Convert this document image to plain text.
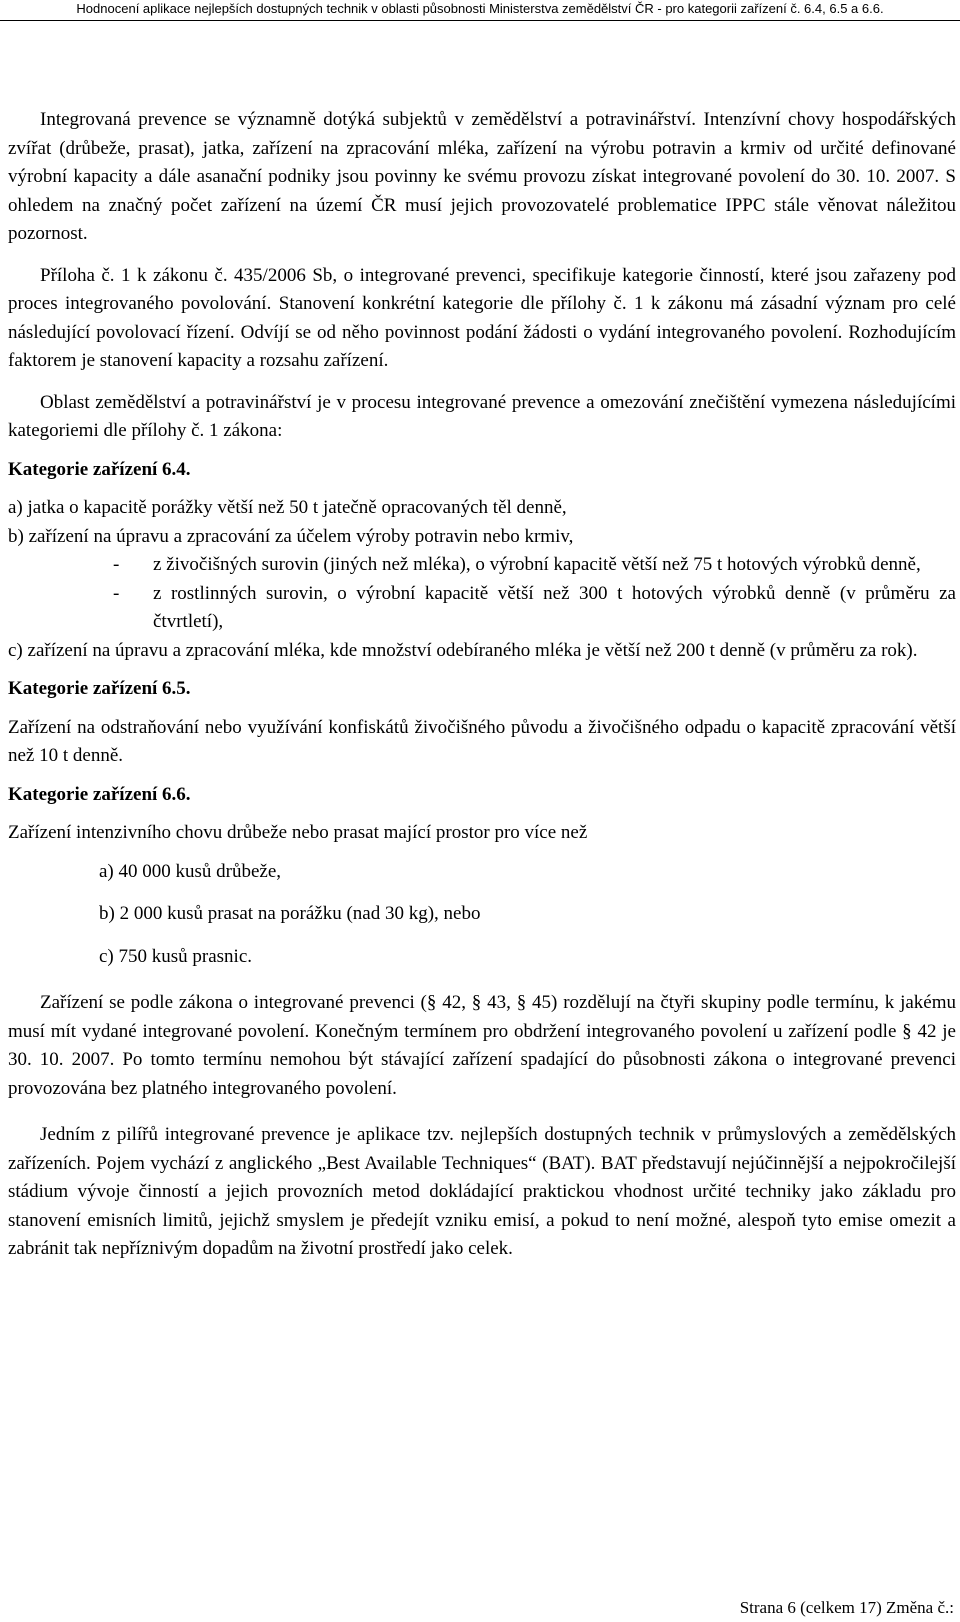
Hodnocení aplikace nejlepších dostupných technik v oblasti působnosti Ministerstva zemědělství ČR - pro kategorii zařízení č. 6.4, 6.5 a 6.6.

Integrovaná prevence se významně dotýká subjektů v zemědělství a potravinářství. Intenzívní chovy hospodářských zvířat (drůbeže, prasat), jatka, zařízení na zpracování mléka, zařízení na výrobu potravin a krmiv od určité definované výrobní kapacity a dále asanační podniky jsou povinny ke svému provozu získat integrované povolení do 30. 10. 2007. S ohledem na značný počet zařízení na území ČR musí jejich provozovatelé problematice IPPC stále věnovat náležitou pozornost.

Příloha č. 1 k zákonu č. 435/2006 Sb, o integrované prevenci, specifikuje kategorie činností, které jsou zařazeny pod proces integrovaného povolování. Stanovení konkrétní kategorie dle přílohy č. 1 k zákonu má zásadní význam pro celé následující povolovací řízení. Odvíjí se od něho povinnost podání žádosti o vydání integrovaného povolení. Rozhodujícím faktorem je stanovení kapacity a rozsahu zařízení.

Oblast zemědělství a potravinářství je v procesu integrované prevence a omezování znečištění vymezena následujícími kategoriemi dle přílohy č. 1 zákona:

Kategorie zařízení 6.4.

a) jatka o kapacitě porážky větší než 50 t jatečně opracovaných těl denně,

b) zařízení na úpravu a zpracování za účelem výroby potravin nebo krmiv,

-	z živočišných surovin (jiných než mléka), o výrobní kapacitě větší než 75 t hotových výrobků denně,
-	z rostlinných surovin, o výrobní kapacitě větší než 300 t hotových výrobků denně (v průměru za čtvrtletí),

c) zařízení na úpravu a zpracování mléka, kde množství odebíraného mléka je větší než 200 t denně (v průměru za rok).

Kategorie zařízení 6.5.

Zařízení na odstraňování nebo využívání konfiskátů živočišného původu a živočišného odpadu o kapacitě zpracování větší než 10 t denně.

Kategorie zařízení 6.6.

Zařízení intenzivního chovu drůbeže nebo prasat mající prostor pro více než

a) 40 000 kusů drůbeže,

b) 2 000 kusů prasat na porážku (nad 30 kg), nebo

c) 750 kusů prasnic.

Zařízení se podle zákona o integrované prevenci (§ 42, § 43, § 45) rozdělují na čtyři skupiny podle termínu, k jakému musí mít vydané integrované povolení. Konečným termínem pro obdržení integrovaného povolení u zařízení podle § 42 je 30. 10. 2007. Po tomto termínu nemohou být stávající zařízení spadající do působnosti zákona o integrované prevenci provozována bez platného integrovaného povolení.

Jedním z pilířů integrované prevence je aplikace tzv. nejlepších dostupných technik v průmyslových a zemědělských zařízeních. Pojem vychází z anglického „Best Available Techniques“ (BAT). BAT představují nejúčinnější a nejpokročilejší stádium vývoje činností a jejich provozních metod dokládající praktickou vhodnost určité techniky jako základu pro stanovení emisních limitů, jejichž smyslem je předejít vzniku emisí, a pokud to není možné, alespoň tyto emise omezit a zabránit tak nepříznivým dopadům na životní prostředí jako celek.

Strana 6 (celkem 17) Změna č.:
